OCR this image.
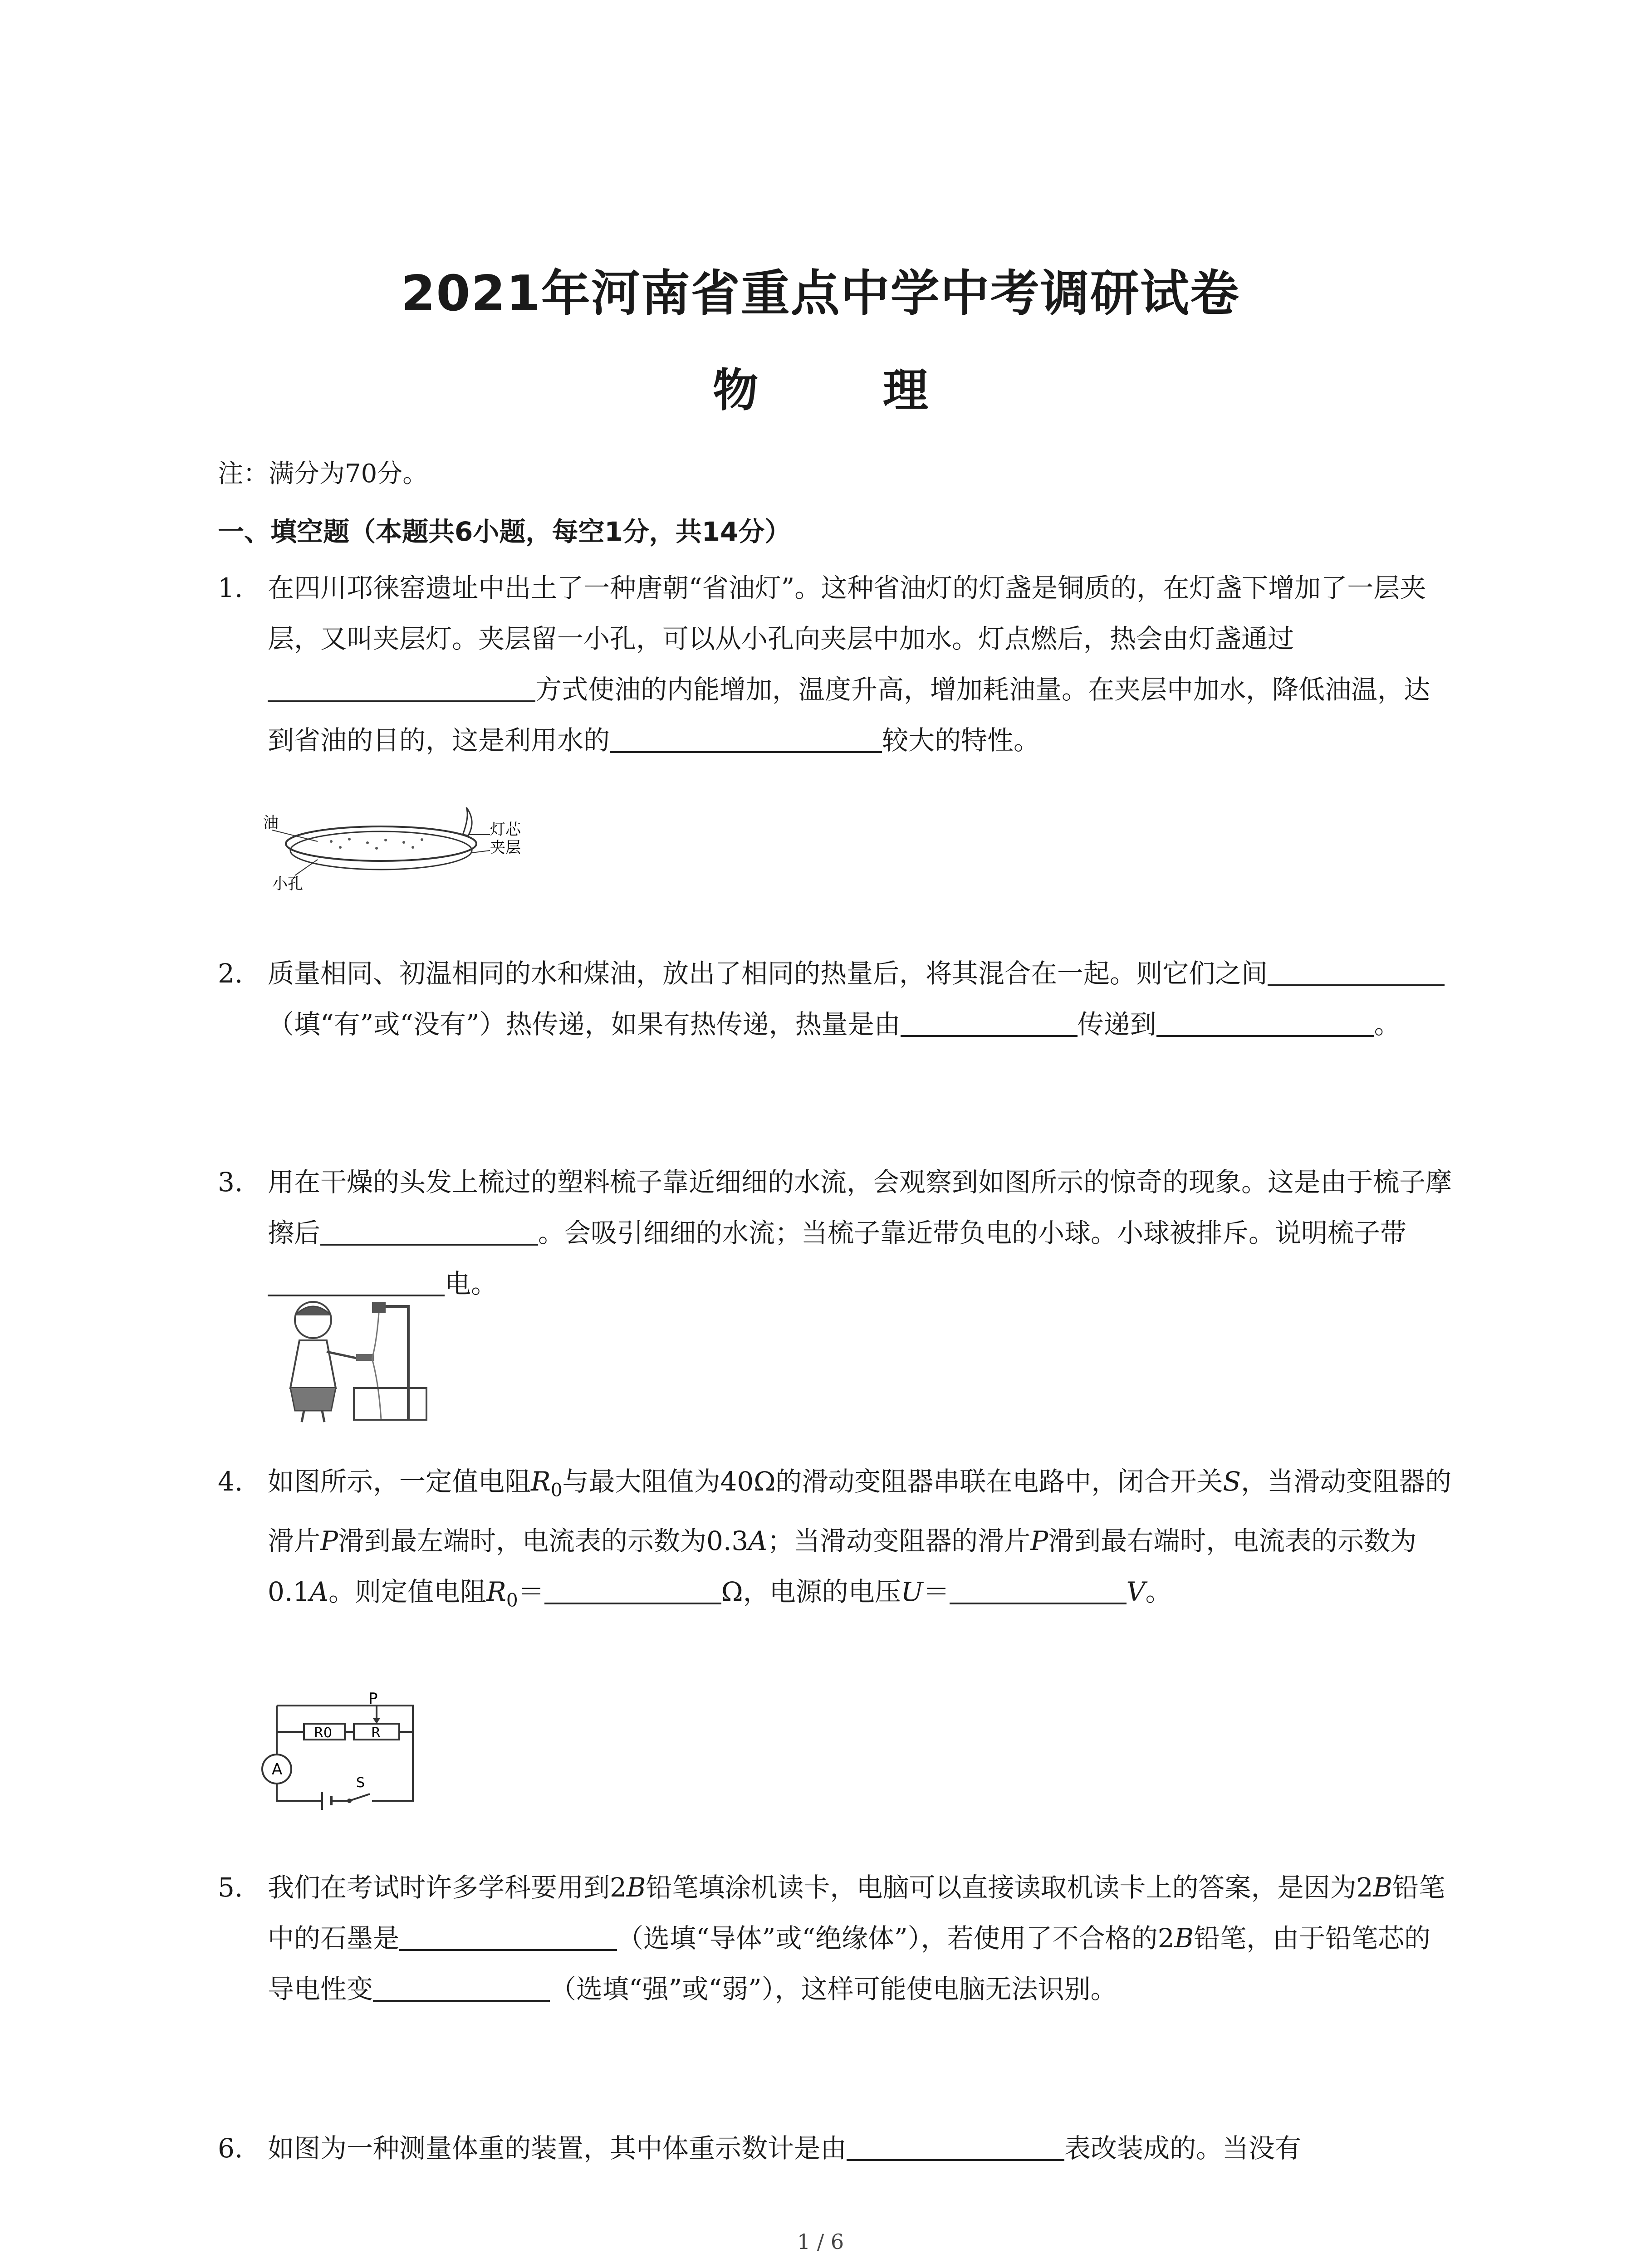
2021年河南省重点中学中考调研试卷
物 理
注：满分为70分。
一、填空题（本题共6小题，每空1分，共14分）
1. 在四川邛徕窑遗址中出土了一种唐朝“省油灯”。这种省油灯的灯盏是铜质的，在灯盏下增加了一层夹层，又叫夹层灯。夹层留一小孔，可以从小孔向夹层中加水。灯点燃后，热会由灯盏通过方式使油的内能增加，温度升高，增加耗油量。在夹层中加水，降低油温，达到省油的目的，这是利用水的	较大的特性。
油
小孔
灯芯
夹层
2. 质量相同、初温相同的水和煤油，放出了相同的热量后，将其混合在一起。则它们之间（填“有”或“没有”）热传递，如果有热传递，热量是由	传递到	。
3. 用在干燥的头发上梳过的塑料梳子靠近细细的水流，会观察到如图所示的惊奇的现象。这是由于梳子摩擦后	。会吸引细细的水流；当梳子靠近带负电的小球。小球被排斥。说明梳子带电。
4. 如图所示，一定值电阻$R_0$与最大阻值为40Ω的滑动变阻器串联在电路中，闭合开关S，当滑动变阻器的滑片P滑到最左端时，电流表的示数为0.3A；当滑动变阻器的滑片P滑到最右端时，电流表的示数为0.1A。则定值电阻$R_0=$	Ω，电源的电压U＝	V。
P
R0	R
A
S
5. 我们在考试时许多学科要用到2B铅笔填涂机读卡，电脑可以直接读取机读卡上的答案，是因为2B铅笔中的石墨是	（选填“导体”或“绝缘体”），若使用了不合格的2B铅笔，由于铅笔芯的导电性变	（选填“强”或“弱”），这样可能使电脑无法识别。
6. 如图为一种测量体重的装置，其中体重示数计是由	表改装成的。当没有
1 / 6
